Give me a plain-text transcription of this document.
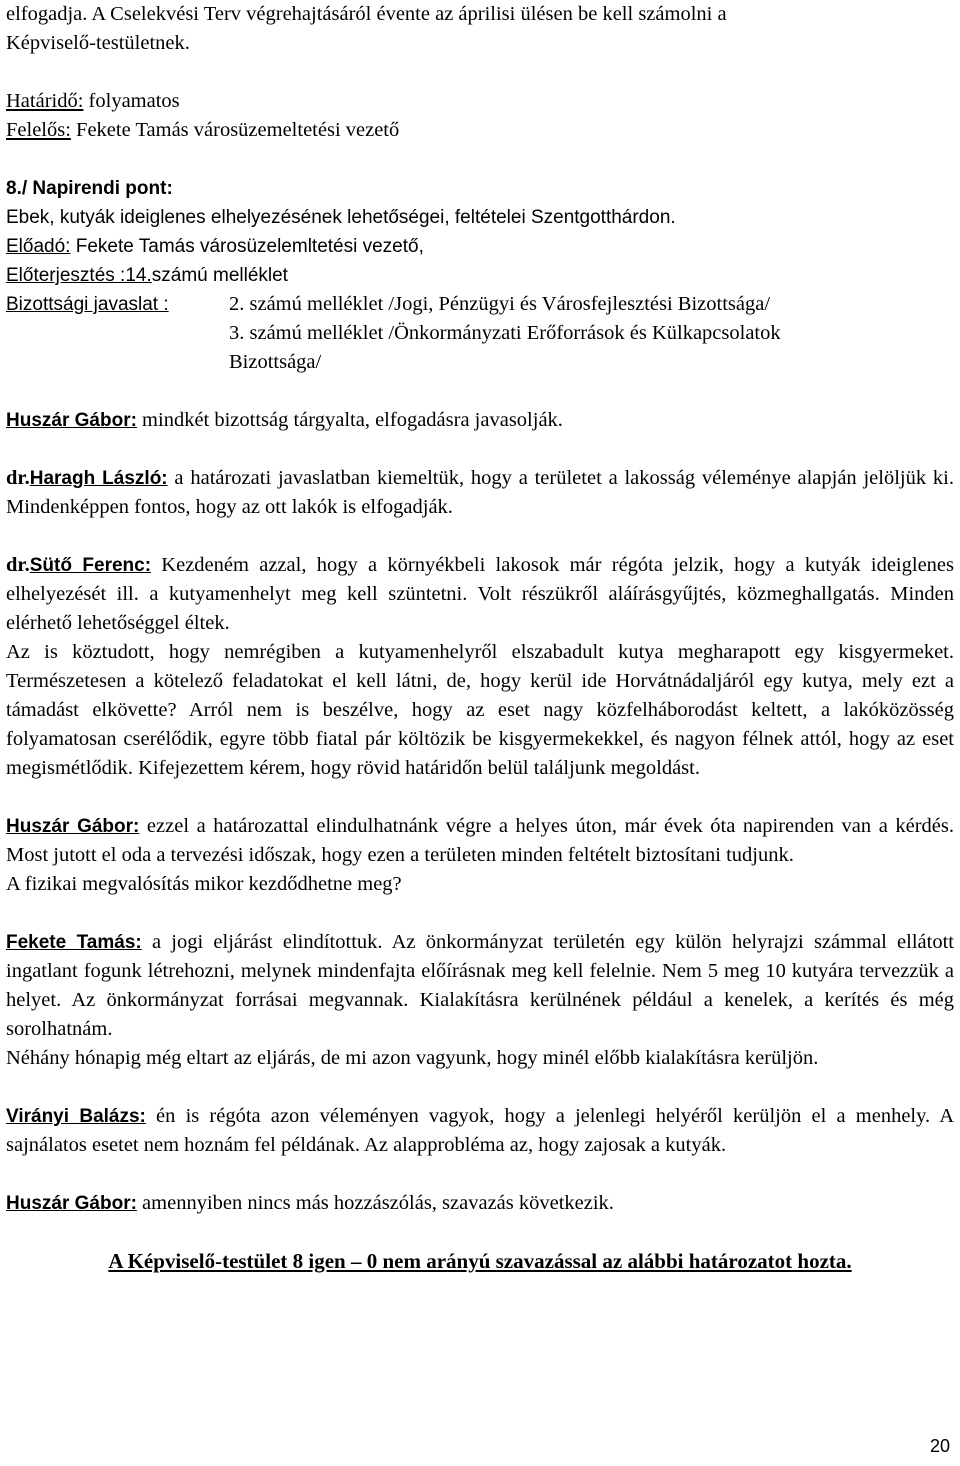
elfogadja. A Cselekvési Terv végrehajtásáról évente az áprilisi ülésen be kell számolni a

Képviselő-testületnek.

Határidő: folyamatos

Felelős: Fekete Tamás városüzemeltetési vezető

8./ Napirendi pont:

Ebek, kutyák ideiglenes elhelyezésének lehetőségei, feltételei Szentgotthárdon.

Előadó: Fekete Tamás városüzelemltetési vezető,

Előterjesztés :14.számú melléklet

Bizottsági javaslat :	2. számú melléklet /Jogi, Pénzügyi és Városfejlesztési Bizottsága/

3. számú melléklet /Önkormányzati Erőforrások és Külkapcsolatok

Bizottsága/

Huszár Gábor: mindkét bizottság tárgyalta, elfogadásra javasolják.

dr.Haragh László: a határozati javaslatban kiemeltük, hogy a területet a lakosság véleménye alapján jelöljük ki. Mindenképpen fontos, hogy az ott lakók is elfogadják.

dr.Sütő Ferenc: Kezdeném azzal, hogy a környékbeli lakosok már régóta jelzik, hogy a kutyák ideiglenes elhelyezését ill. a kutyamenhelyt meg kell szüntetni. Volt részükről aláírásgyűjtés, közmeghallgatás. Minden elérhető lehetőséggel éltek.

Az is köztudott, hogy nemrégiben a kutyamenhelyről elszabadult kutya megharapott egy kisgyermeket. Természetesen a kötelező feladatokat el kell látni, de, hogy kerül ide Horvátnádaljáról egy kutya, mely ezt a támadást elkövette? Arról nem is beszélve, hogy az eset nagy közfelháborodást keltett, a lakóközösség folyamatosan cserélődik, egyre több fiatal pár költözik be kisgyermekekkel, és nagyon félnek attól, hogy az eset megismétlődik. Kifejezettem kérem, hogy rövid határidőn belül találjunk megoldást.

Huszár Gábor: ezzel a határozattal elindulhatnánk végre a helyes úton, már évek óta napirenden van a kérdés. Most jutott el oda a tervezési időszak, hogy ezen a területen minden feltételt biztosítani tudjunk.

A fizikai megvalósítás mikor kezdődhetne meg?

Fekete Tamás: a jogi eljárást elindítottuk. Az önkormányzat területén egy külön helyrajzi számmal ellátott ingatlant fogunk létrehozni, melynek mindenfajta előírásnak meg kell felelnie. Nem 5 meg 10 kutyára tervezzük a helyet. Az önkormányzat forrásai megvannak. Kialakításra kerülnének például a kenelek, a kerítés és még sorolhatnám.

Néhány hónapig még eltart az eljárás, de mi azon vagyunk, hogy minél előbb kialakításra kerüljön.

Virányi Balázs: én is régóta azon véleményen vagyok, hogy a jelenlegi helyéről kerüljön el a menhely. A sajnálatos esetet nem hoznám fel példának. Az alapprobléma az, hogy zajosak a kutyák.

Huszár Gábor: amennyiben nincs más hozzászólás, szavazás következik.

A Képviselő-testület 8 igen – 0 nem arányú szavazással az alábbi határozatot hozta.

20
